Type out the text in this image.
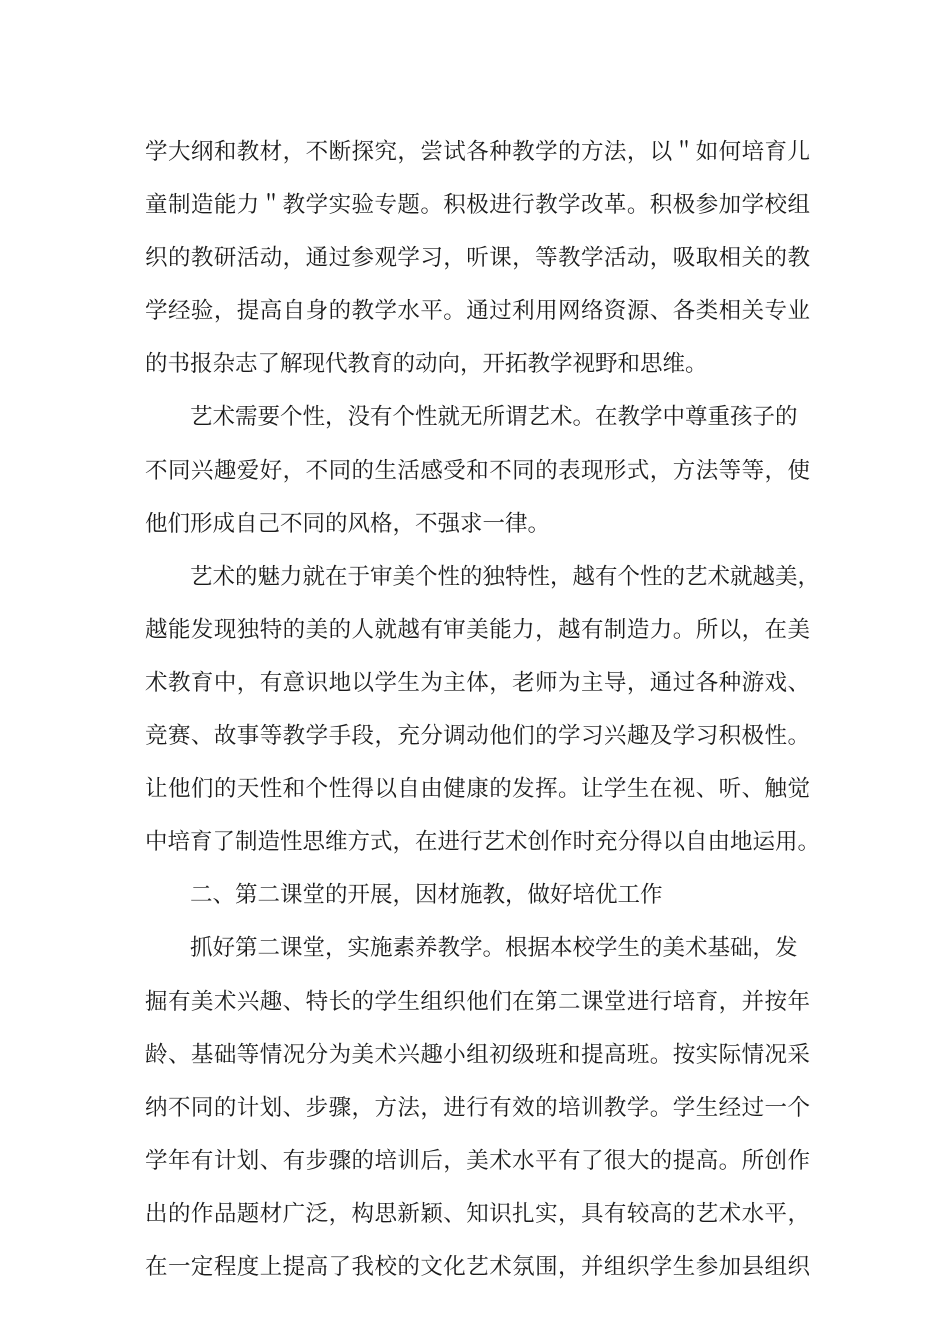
学大纲和教材，不断探究，尝试各种教学的方法，以＂如何培育儿
童制造能力＂教学实验专题。积极进行教学改革。积极参加学校组
织的教研活动，通过参观学习，听课，等教学活动，吸取相关的教
学经验，提高自身的教学水平。通过利用网络资源、各类相关专业
的书报杂志了解现代教育的动向，开拓教学视野和思维。
艺术需要个性，没有个性就无所谓艺术。在教学中尊重孩子的
不同兴趣爱好，不同的生活感受和不同的表现形式，方法等等，使
他们形成自己不同的风格，不强求一律。
艺术的魅力就在于审美个性的独特性，越有个性的艺术就越美，
越能发现独特的美的人就越有审美能力，越有制造力。所以，在美
术教育中，有意识地以学生为主体，老师为主导，通过各种游戏、
竞赛、故事等教学手段，充分调动他们的学习兴趣及学习积极性。
让他们的天性和个性得以自由健康的发挥。让学生在视、听、触觉
中培育了制造性思维方式，在进行艺术创作时充分得以自由地运用。
二、第二课堂的开展，因材施教，做好培优工作
抓好第二课堂，实施素养教学。根据本校学生的美术基础，发
掘有美术兴趣、特长的学生组织他们在第二课堂进行培育，并按年
龄、基础等情况分为美术兴趣小组初级班和提高班。按实际情况采
纳不同的计划、步骤，方法，进行有效的培训教学。学生经过一个
学年有计划、有步骤的培训后，美术水平有了很大的提高。所创作
出的作品题材广泛，构思新颖、知识扎实，具有较高的艺术水平，
在一定程度上提高了我校的文化艺术氛围，并组织学生参加县组织
